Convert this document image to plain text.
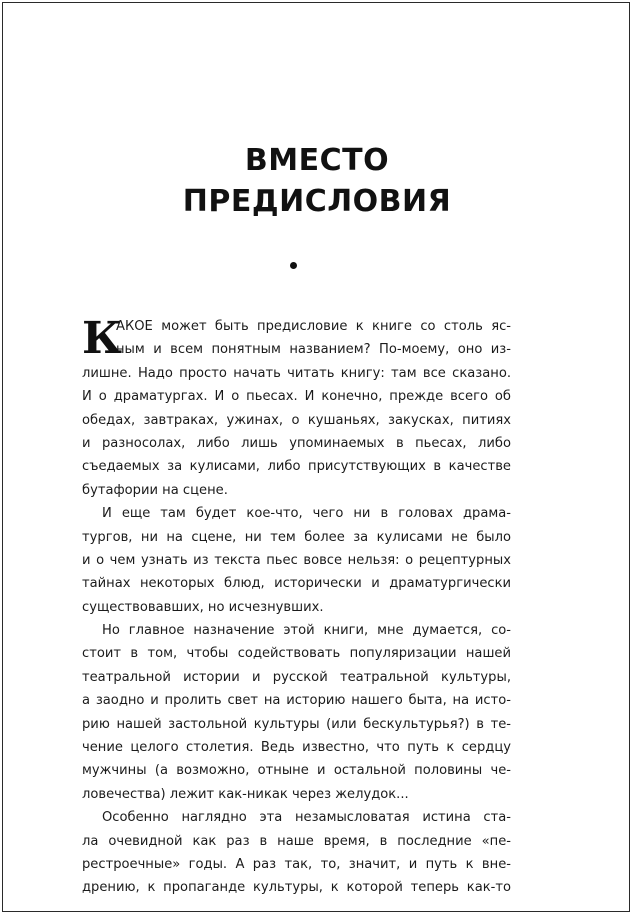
ВМЕСТО
ПРЕДИСЛОВИЯ
К
АКОЕ может быть предисловие к книге со столь яс-
ным и всем понятным названием? По-моему, оно из-
лишне. Надо просто начать читать книгу: там все сказано.
И о драматургах. И о пьесах. И конечно, прежде всего об
обедах, завтраках, ужинах, о кушаньях, закусках, питиях
и разносолах, либо лишь упоминаемых в пьесах, либо
съедаемых за кулисами, либо присутствующих в качестве
бутафории на сцене.
И еще там будет кое-что, чего ни в головах драма-
тургов, ни на сцене, ни тем более за кулисами не было
и о чем узнать из текста пьес вовсе нельзя: о рецептурных
тайнах некоторых блюд, исторически и драматургически
существовавших, но исчезнувших.
Но главное назначение этой книги, мне думается, со-
стоит в том, чтобы содействовать популяризации нашей
театральной истории и русской театральной культуры,
а заодно и пролить свет на историю нашего быта, на исто-
рию нашей застольной культуры (или бескультурья?) в те-
чение целого столетия. Ведь известно, что путь к сердцу
мужчины (а возможно, отныне и остальной половины че-
ловечества) лежит как-никак через желудок...
Особенно наглядно эта незамысловатая истина ста-
ла очевидной как раз в наше время, в последние «пе-
рестроечные» годы. А раз так, то, значит, и путь к вне-
дрению, к пропаганде культуры, к которой теперь как-то
